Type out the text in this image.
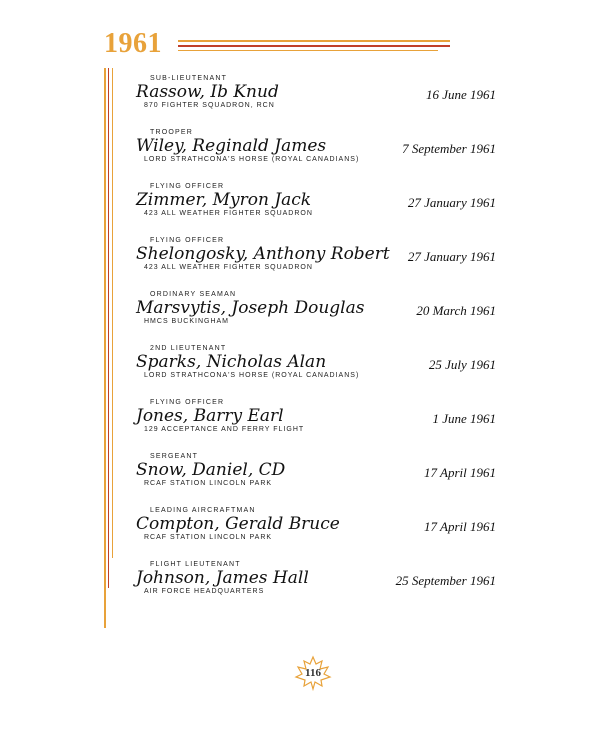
1961
SUB-LIEUTENANT
Rassow, Ib Knud
870 FIGHTER SQUADRON, RCN
16 June 1961
TROOPER
Wiley, Reginald James
LORD STRATHCONA'S HORSE (ROYAL CANADIANS)
7 September 1961
FLYING OFFICER
Zimmer, Myron Jack
423 ALL WEATHER FIGHTER SQUADRON
27 January 1961
FLYING OFFICER
Shelongosky, Anthony Robert
423 ALL WEATHER FIGHTER SQUADRON
27 January 1961
ORDINARY SEAMAN
Marsvytis, Joseph Douglas
HMCS BUCKINGHAM
20 March 1961
2ND LIEUTENANT
Sparks, Nicholas Alan
LORD STRATHCONA'S HORSE (ROYAL CANADIANS)
25 July 1961
FLYING OFFICER
Jones, Barry Earl
129 ACCEPTANCE AND FERRY FLIGHT
1 June 1961
SERGEANT
Snow, Daniel, CD
RCAF STATION LINCOLN PARK
17 April 1961
LEADING AIRCRAFTMAN
Compton, Gerald Bruce
RCAF STATION LINCOLN PARK
17 April 1961
FLIGHT LIEUTENANT
Johnson, James Hall
AIR FORCE HEADQUARTERS
25 September 1961
116
